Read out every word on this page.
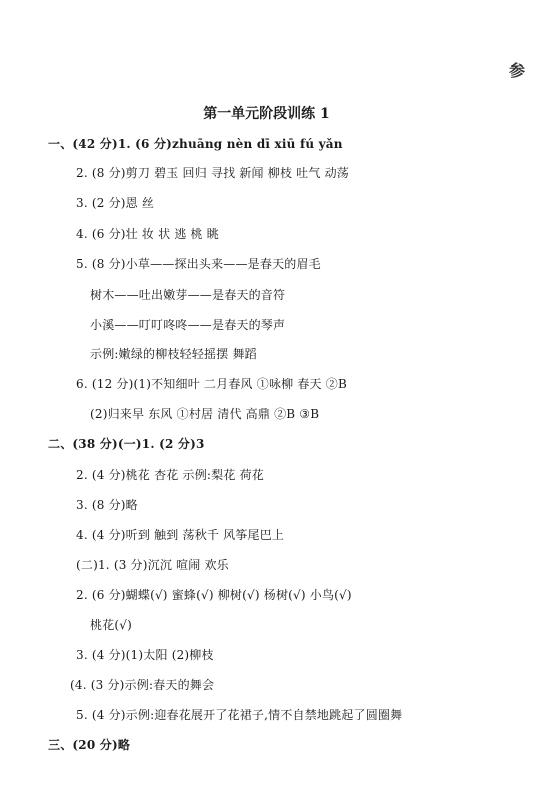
参
第一单元阶段训练 1
一、(42 分)1. (6 分)zhuāng nèn dī xiū fú yǎn
2. (8 分)剪刀 碧玉 回归 寻找 新闻 柳枝 吐气 动荡
3. (2 分)恩 丝
4. (6 分)壮 妆 状 逃 桃 眺
5. (8 分)小草——探出头来——是春天的眉毛
树木——吐出嫩芽——是春天的音符
小溪——叮叮咚咚——是春天的琴声
示例:嫩绿的柳枝轻轻摇摆 舞蹈
6. (12 分)(1)不知细叶 二月春风 ①咏柳 春天 ②B
(2)归来早 东风 ①村居 清代 高鼎 ②B ③B
二、(38 分)(一)1. (2 分)3
2. (4 分)桃花 杏花 示例:梨花 荷花
3. (8 分)略
4. (4 分)听到 触到 荡秋千 风筝尾巴上
(二)1. (3 分)沉沉 喧闹 欢乐
2. (6 分)蝴蝶(√) 蜜蜂(√) 柳树(√) 杨树(√) 小鸟(√)
桃花(√)
3. (4 分)(1)太阳 (2)柳枝
(4. (3 分)示例:春天的舞会
5. (4 分)示例:迎春花展开了花裙子,情不自禁地跳起了圆圈舞
三、(20 分)略
